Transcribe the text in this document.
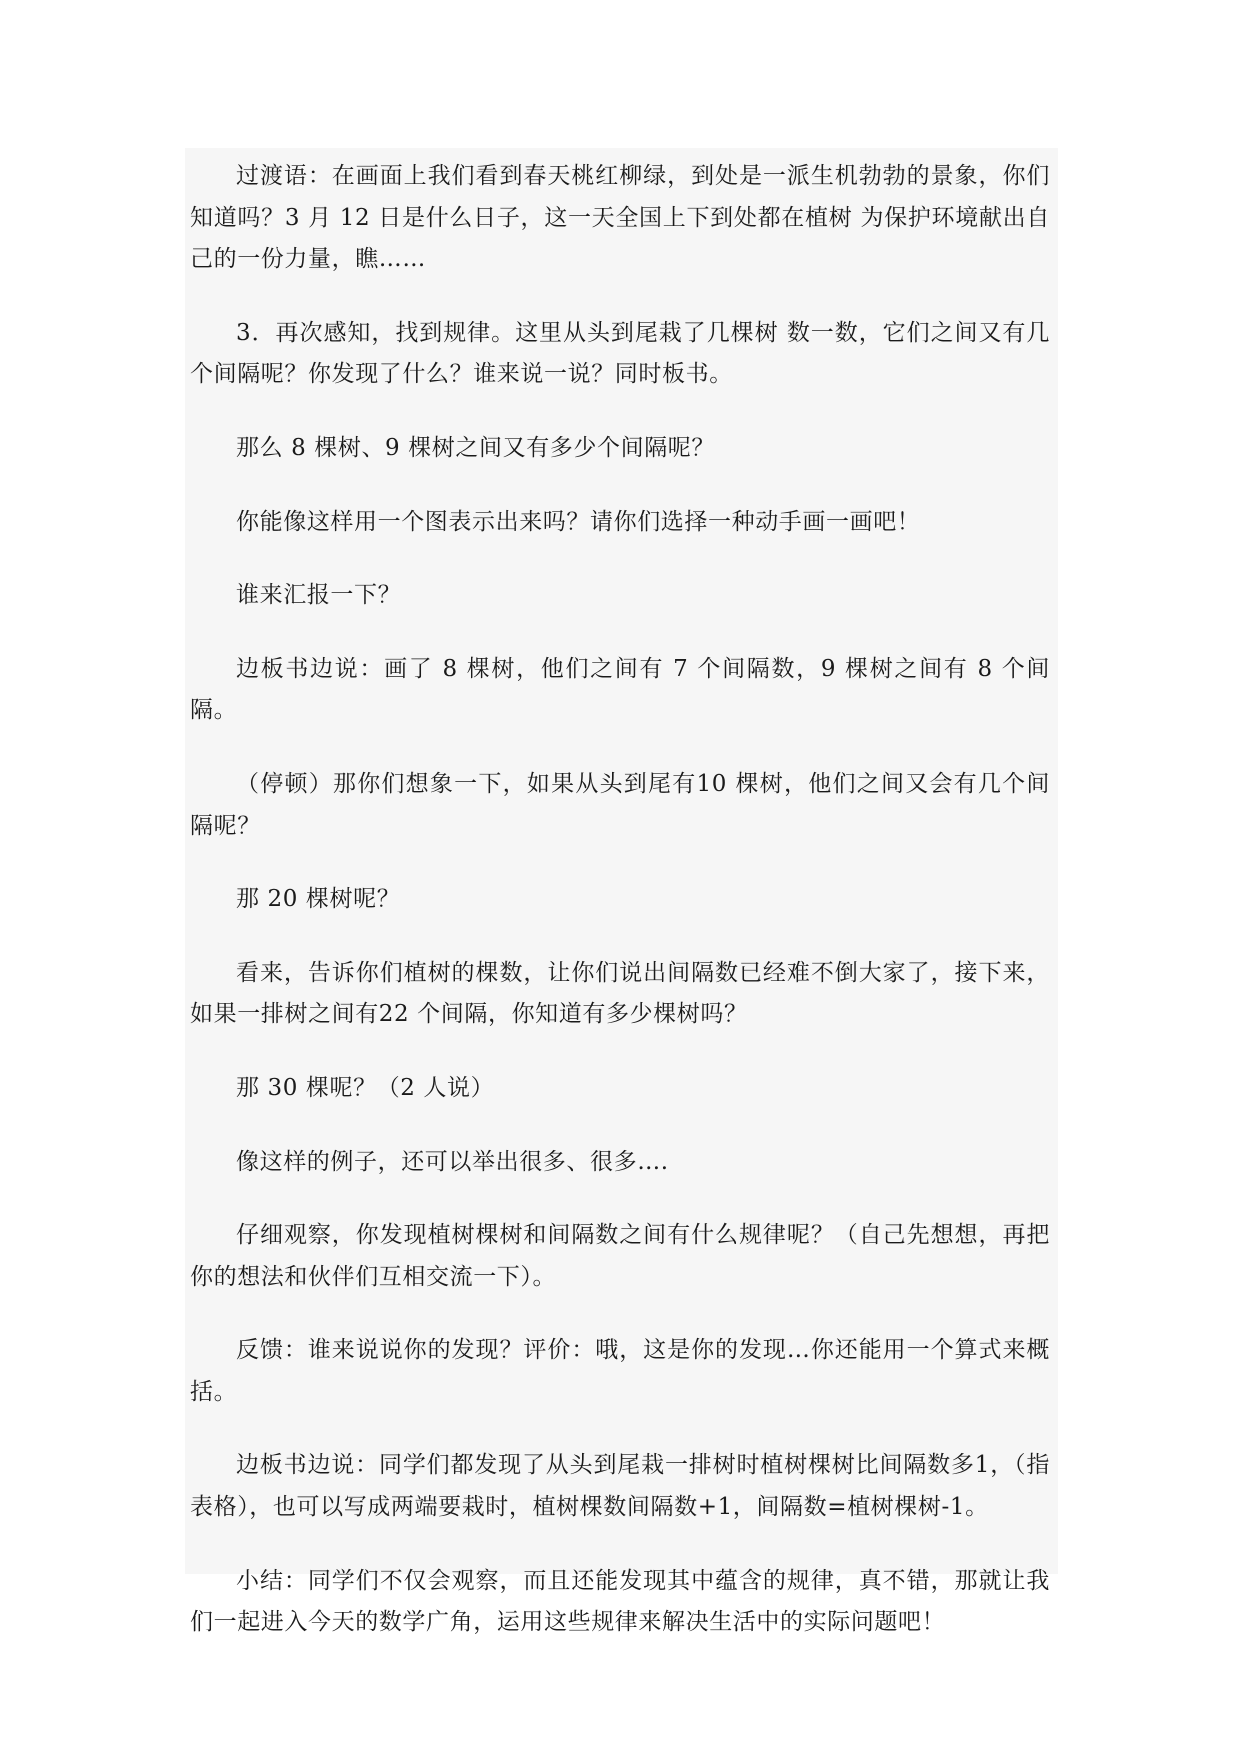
过渡语：在画面上我们看到春天桃红柳绿，到处是一派生机勃勃的景象，你们知道吗？3 月 12 日是什么日子，这一天全国上下到处都在植树 为保护环境献出自己的一份力量，瞧……

3．再次感知，找到规律。这里从头到尾栽了几棵树 数一数，它们之间又有几个间隔呢？你发现了什么？谁来说一说？同时板书。

那么 8 棵树、9 棵树之间又有多少个间隔呢？

你能像这样用一个图表示出来吗？请你们选择一种动手画一画吧！

谁来汇报一下？

边板书边说：画了 8 棵树，他们之间有 7 个间隔数，9 棵树之间有 8 个间隔。

（停顿）那你们想象一下，如果从头到尾有10 棵树，他们之间又会有几个间隔呢？

那 20 棵树呢？

看来，告诉你们植树的棵数，让你们说出间隔数已经难不倒大家了，接下来，如果一排树之间有22 个间隔，你知道有多少棵树吗？

那 30 棵呢？（2 人说）

像这样的例子，还可以举出很多、很多….

仔细观察，你发现植树棵树和间隔数之间有什么规律呢？（自己先想想，再把你的想法和伙伴们互相交流一下）。

反馈：谁来说说你的发现？评价：哦，这是你的发现…你还能用一个算式来概括。

边板书边说：同学们都发现了从头到尾栽一排树时植树棵树比间隔数多1，（指表格），也可以写成两端要栽时，植树棵数间隔数+1，间隔数=植树棵树-1。

小结：同学们不仅会观察，而且还能发现其中蕴含的规律，真不错，那就让我们一起进入今天的数学广角，运用这些规律来解决生活中的实际问题吧！
